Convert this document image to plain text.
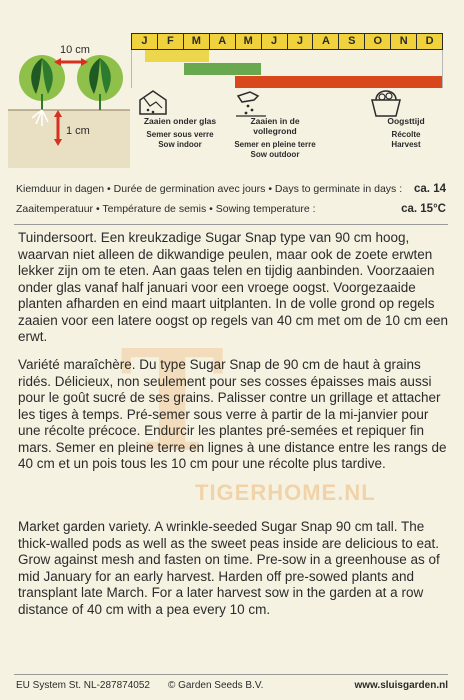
10 cm
1 cm
J	F	M	A	M	J	J	A	S	O	N	D
Zaaien onder glas
Semer sous verre
Sow indoor
Zaaien in de vollegrond
Semer en pleine terre
Sow outdoor
Oogsttijd
Récolte
Harvest
Kiemduur in dagen • Durée de germination avec jours • Days to germinate in days : ca. 14
Zaaitemperatuur • Température de semis • Sowing temperature :	ca. 15°C
T
TIGERHOME.NL

Tuindersoort. Een kreukzadige Sugar Snap type van 90 cm hoog, waarvan niet alleen de dikwandige peulen, maar ook de zoete erwten lekker zijn om te eten. Aan gaas telen en tijdig aanbinden. Voorzaaien onder glas vanaf half januari voor een vroege oogst. Voorgezaaide planten afharden en eind maart uitplanten. In de volle grond op regels zaaien voor een latere oogst op regels van 40 cm met om de 10 cm een erwt.

Variété maraîchère. Du type Sugar Snap de 90 cm de haut à grains ridés. Délicieux, non seulement pour ses cosses épaisses mais aussi pour le goût sucré de ses grains. Palisser contre un grillage et attacher les tiges à temps. Pré-semer sous verre à partir de la mi-janvier pour une récolte précoce. Endurcir les plantes pré-semées et repiquer fin mars. Semer en pleine terre en lignes à une distance entre les rangs de 40 cm et un pois tous les 10 cm pour une récolte plus tardive.

Market garden variety. A wrinkle-seeded Sugar Snap 90 cm tall. The thick-walled pods as well as the sweet peas inside are delicious to eat. Grow against mesh and fasten on time. Pre-sow in a greenhouse as of mid January for an early harvest. Harden off pre-sowed plants and transplant late March. For a later harvest sow in the garden at a row distance of 40 cm with a pea every 10 cm.

EU System St. NL-287874052 © Garden Seeds B.V.	www.sluisgarden.nl
